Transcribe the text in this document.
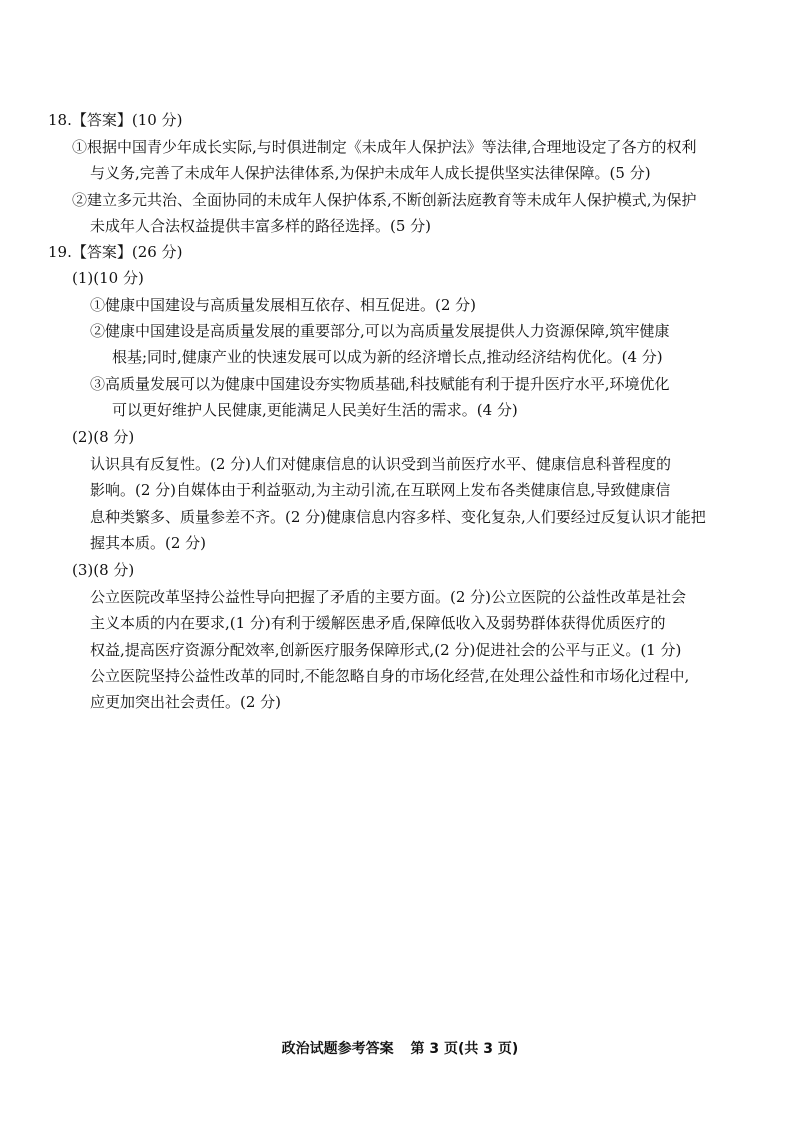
18.【答案】(10 分)
①根据中国青少年成长实际,与时俱进制定《未成年人保护法》等法律,合理地设定了各方的权利
与义务,完善了未成年人保护法律体系,为保护未成年人成长提供坚实法律保障。(5 分)
②建立多元共治、全面协同的未成年人保护体系,不断创新法庭教育等未成年人保护模式,为保护
未成年人合法权益提供丰富多样的路径选择。(5 分)
19.【答案】(26 分)
(1)(10 分)
①健康中国建设与高质量发展相互依存、相互促进。(2 分)
②健康中国建设是高质量发展的重要部分,可以为高质量发展提供人力资源保障,筑牢健康
根基;同时,健康产业的快速发展可以成为新的经济增长点,推动经济结构优化。(4 分)
③高质量发展可以为健康中国建设夯实物质基础,科技赋能有利于提升医疗水平,环境优化
可以更好维护人民健康,更能满足人民美好生活的需求。(4 分)
(2)(8 分)
认识具有反复性。(2 分)人们对健康信息的认识受到当前医疗水平、健康信息科普程度的
影响。(2 分)自媒体由于利益驱动,为主动引流,在互联网上发布各类健康信息,导致健康信
息种类繁多、质量参差不齐。(2 分)健康信息内容多样、变化复杂,人们要经过反复认识才能把
握其本质。(2 分)
(3)(8 分)
公立医院改革坚持公益性导向把握了矛盾的主要方面。(2 分)公立医院的公益性改革是社会
主义本质的内在要求,(1 分)有利于缓解医患矛盾,保障低收入及弱势群体获得优质医疗的
权益,提高医疗资源分配效率,创新医疗服务保障形式,(2 分)促进社会的公平与正义。(1 分)
公立医院坚持公益性改革的同时,不能忽略自身的市场化经营,在处理公益性和市场化过程中,
应更加突出社会责任。(2 分)
政治试题参考答案 第 3 页(共 3 页)
